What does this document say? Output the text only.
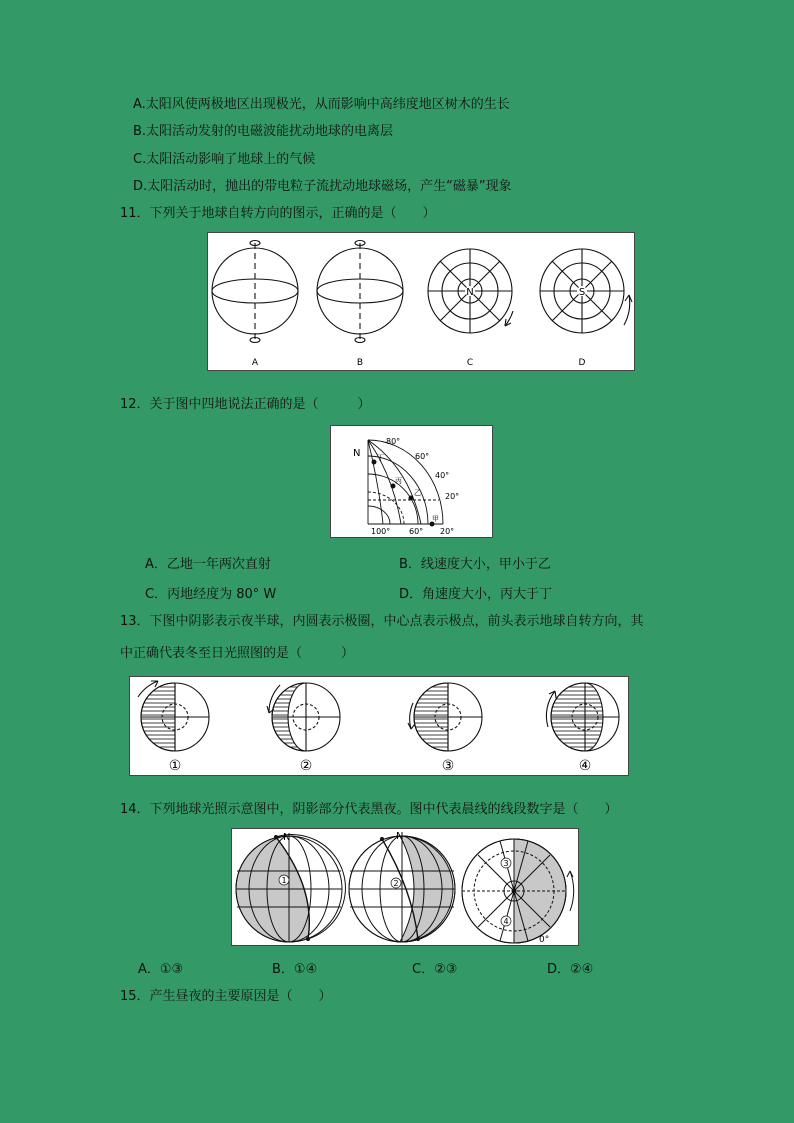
A.太阳风使两极地区出现极光，从而影响中高纬度地区树木的生长
B.太阳活动发射的电磁波能扰动地球的电离层
C.太阳活动影响了地球上的气候
D.太阳活动时，抛出的带电粒子流扰动地球磁场，产生“磁暴”现象
11．下列关于地球自转方向的图示，正确的是（　　）
N	S
A	B	C	D
12．关于图中四地说法正确的是（　　　）
N
80°
60°
40°
20°
100° 60° 20°
丁
丙
乙
甲
A．乙地一年两次直射	B．线速度大小，甲小于乙
C．丙地经度为 80° W	D．角速度大小，丙大于丁
13．下图中阴影表示夜半球，内圆表示极圈，中心点表示极点，前头表示地球自转方向，其
中正确代表冬至日光照图的是（　　　）
①	②	③	④
14．下列地球光照示意图中，阴影部分代表黑夜。图中代表晨线的线段数字是（　　）
N	N
1	2
3
4
0°
A．①③	B．①④	C．②③	D．②④
15．产生昼夜的主要原因是（　　）
